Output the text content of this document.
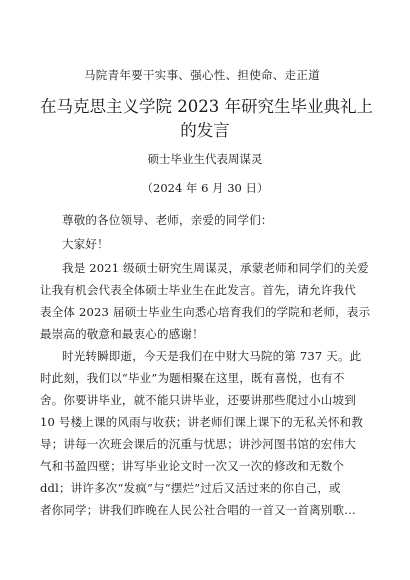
马院青年要干实事、强心性、担使命、走正道
在马克思主义学院 2023 年研究生毕业典礼上
的发言
硕士毕业生代表周谋灵
（2024 年 6 月 30 日）
尊敬的各位领导、老师，亲爱的同学们：
大家好！
我是 2021 级硕士研究生周谋灵，承蒙老师和同学们的关爱
让我有机会代表全体硕士毕业生在此发言。首先，请允许我代
表全体 2023 届硕士毕业生向悉心培育我们的学院和老师，表示
最崇高的敬意和最衷心的感谢！
时光转瞬即逝，今天是我们在中财大马院的第 737 天。此
时此刻，我们以“毕业”为题相聚在这里，既有喜悦，也有不
舍。你要讲毕业，就不能只讲毕业，还要讲那些爬过小山坡到
10 号楼上课的风雨与收获；讲老师们课上课下的无私关怀和教
导；讲每一次班会课后的沉重与忧思；讲沙河图书馆的宏伟大
气和书盈四壁；讲写毕业论文时一次又一次的修改和无数个
ddl；讲许多次“发疯”与“摆烂”过后又活过来的你自己，或
者你同学；讲我们昨晚在人民公社合唱的一首又一首离别歌…
